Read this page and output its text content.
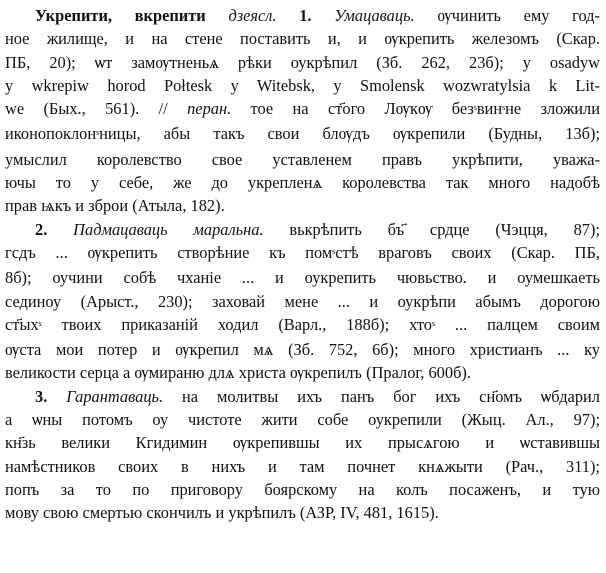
Укрепити, вкрепити дзеясл. 1. Умацаваць. ѹчинить ему год-
ное жилище, и на стене поставить и, и ѹкрепить железомъ (Скар.
ПБ, 20); ѡт замѹтненьѧ рѣки оукрѣпил (Зб. 262, 23б); у osadyw
y wkrepiw horod Połtesk y Witebsk, y Smolensk wozwratylsia k Lit-
we (Бых., 561). // перан. тое на ст҃ого Лѹкѹ безˢвинˢне зложили
иконопоклонˢницы, абы такъ свои блѹдъ ѹкрепили (Будны, 13б);
умыслил королевство свое уставленем правъ укрѣпити, уважа-
ючы то у себе, же до укрепленѧ королевства так много надобѣ
прав ѩкъ и зброи (Атыла, 182).
2. Падмацаваць маральна. вькрѣпить бъ҃ срдце (Чэцця, 87);
гсдъ ... ѹкрепить створѣние къ помˢстѣ враговъ своих (Скар. ПБ,
8б); оучини собѣ чханіе ... и оукрепить чювьство. и оумешкаеть
сединоу (Арыст., 230); заховай мене ... и оукрѣпи абымъ дорогою
ст҃ыхˢ твоих приказаній ходил (Варл., 188б); хтоˢ ... палцем своим
ѹста мои потер и ѹкрепил мѧ (Зб. 752, 6б); много христианъ ... ку
великости серца а ѹмираню длѧ христа ѹкрепилъ (Пралог, 600б).
3. Гарантаваць. на молитвы ихъ панъ бог ихъ сн҃омъ ѡбдарил
а ѡны потомъ оу чистоте жити собе оукрепили (Жыц. Ал., 97);
кн҃зь велики Кгидимин ѹкрепившы их прысѧгою и ѡставившы
намѣстников своих в нихъ и там почнет кнѧжыти (Рач., 311);
попъ за то по приговору боярскому на колъ посаженъ, и тую
мову свою смертью скончилъ и укрѣпилъ (АЗР, IV, 481, 1615).
